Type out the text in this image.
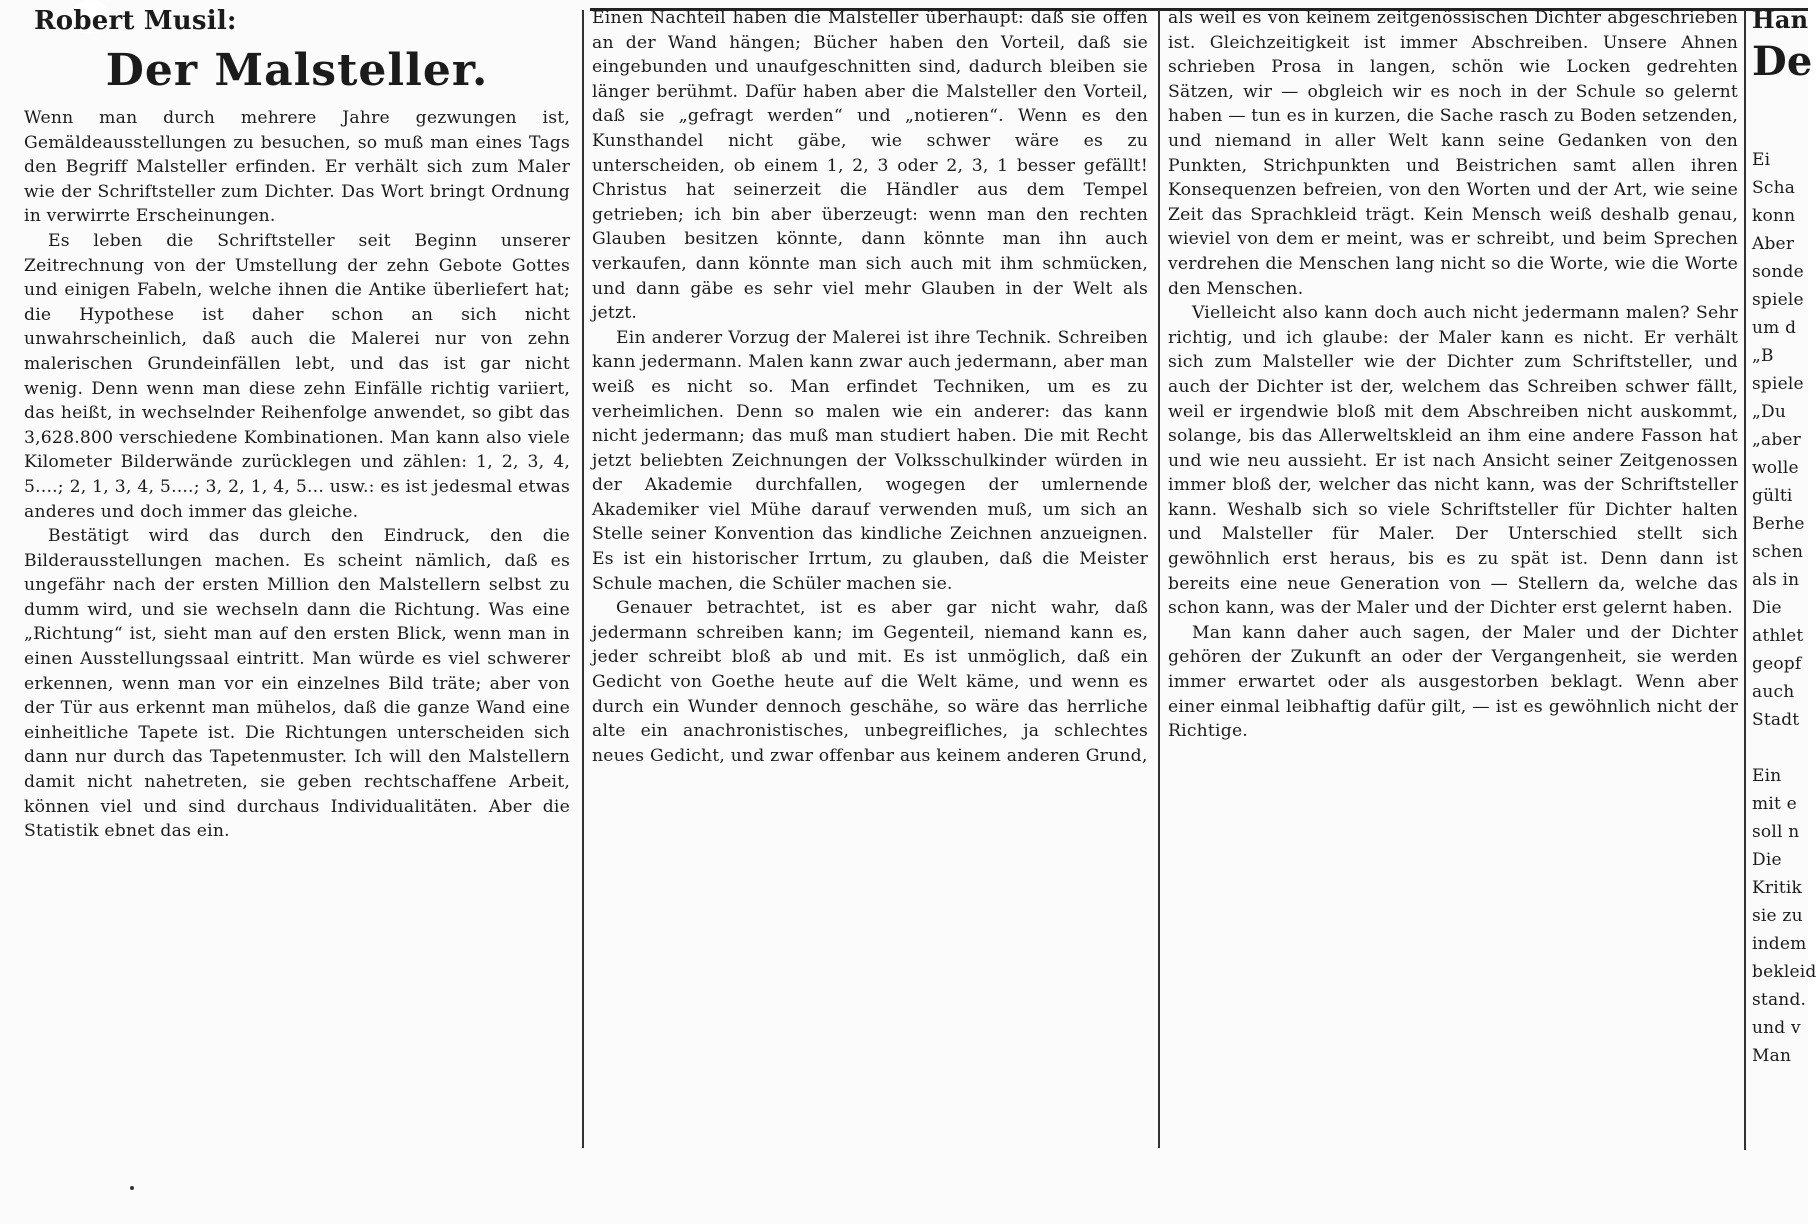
Robert Musil:
Der Malsteller.

Wenn man durch mehrere Jahre gezwungen ist, Gemäldeausstellungen zu besuchen, so muß man eines Tags den Begriff Malsteller erfinden. Er verhält sich zum Maler wie der Schriftsteller zum Dichter. Das Wort bringt Ordnung in verwirrte Erscheinungen.

Es leben die Schriftsteller seit Beginn unserer Zeitrechnung von der Umstellung der zehn Gebote Gottes und einigen Fabeln, welche ihnen die Antike überliefert hat; die Hypothese ist daher schon an sich nicht unwahrscheinlich, daß auch die Malerei nur von zehn malerischen Grundeinfällen lebt, und das ist gar nicht wenig. Denn wenn man diese zehn Einfälle richtig variiert, das heißt, in wechselnder Reihenfolge anwendet, so gibt das 3,628.800 verschiedene Kombinationen. Man kann also viele Kilometer Bilderwände zurücklegen und zählen: 1, 2, 3, 4, 5....; 2, 1, 3, 4, 5....; 3, 2, 1, 4, 5... usw.: es ist jedesmal etwas anderes und doch immer das gleiche.

Bestätigt wird das durch den Eindruck, den die Bilderausstellungen machen. Es scheint nämlich, daß es ungefähr nach der ersten Million den Malstellern selbst zu dumm wird, und sie wechseln dann die Richtung. Was eine „Richtung“ ist, sieht man auf den ersten Blick, wenn man in einen Ausstellungssaal eintritt. Man würde es viel schwerer erkennen, wenn man vor ein einzelnes Bild träte; aber von der Tür aus erkennt man mühelos, daß die ganze Wand eine einheitliche Tapete ist. Die Richtungen unterscheiden sich dann nur durch das Tapetenmuster. Ich will den Malstellern damit nicht nahetreten, sie geben rechtschaffene Arbeit, können viel und sind durchaus Individualitäten. Aber die Statistik ebnet das ein.

Einen Nachteil haben die Malsteller überhaupt: daß sie offen an der Wand hängen; Bücher haben den Vorteil, daß sie eingebunden und unaufgeschnitten sind, dadurch bleiben sie länger berühmt. Dafür haben aber die Malsteller den Vorteil, daß sie „gefragt werden“ und „notieren“. Wenn es den Kunsthandel nicht gäbe, wie schwer wäre es zu unterscheiden, ob einem 1, 2, 3 oder 2, 3, 1 besser gefällt! Christus hat seinerzeit die Händler aus dem Tempel getrieben; ich bin aber überzeugt: wenn man den rechten Glauben besitzen könnte, dann könnte man ihn auch verkaufen, dann könnte man sich auch mit ihm schmücken, und dann gäbe es sehr viel mehr Glauben in der Welt als jetzt.

Ein anderer Vorzug der Malerei ist ihre Technik. Schreiben kann jedermann. Malen kann zwar auch jedermann, aber man weiß es nicht so. Man erfindet Techniken, um es zu verheimlichen. Denn so malen wie ein anderer: das kann nicht jedermann; das muß man studiert haben. Die mit Recht jetzt beliebten Zeichnungen der Volksschulkinder würden in der Akademie durchfallen, wogegen der umlernende Akademiker viel Mühe darauf verwenden muß, um sich an Stelle seiner Konvention das kindliche Zeichnen anzueignen. Es ist ein historischer Irrtum, zu glauben, daß die Meister Schule machen, die Schüler machen sie.

Genauer betrachtet, ist es aber gar nicht wahr, daß jedermann schreiben kann; im Gegenteil, niemand kann es, jeder schreibt bloß ab und mit. Es ist unmöglich, daß ein Gedicht von Goethe heute auf die Welt käme, und wenn es durch ein Wunder dennoch geschähe, so wäre das herrliche alte ein anachronistisches, unbegreifliches, ja schlechtes neues Gedicht, und zwar offenbar aus keinem anderen Grund,

als weil es von keinem zeitgenössischen Dichter abgeschrieben ist. Gleichzeitigkeit ist immer Abschreiben. Unsere Ahnen schrieben Prosa in langen, schön wie Locken gedrehten Sätzen, wir — obgleich wir es noch in der Schule so gelernt haben — tun es in kurzen, die Sache rasch zu Boden setzenden, und niemand in aller Welt kann seine Gedanken von den Punkten, Strichpunkten und Beistrichen samt allen ihren Konsequenzen befreien, von den Worten und der Art, wie seine Zeit das Sprachkleid trägt. Kein Mensch weiß deshalb genau, wieviel von dem er meint, was er schreibt, und beim Sprechen verdrehen die Menschen lang nicht so die Worte, wie die Worte den Menschen.

Vielleicht also kann doch auch nicht jedermann malen? Sehr richtig, und ich glaube: der Maler kann es nicht. Er verhält sich zum Malsteller wie der Dichter zum Schriftsteller, und auch der Dichter ist der, welchem das Schreiben schwer fällt, weil er irgendwie bloß mit dem Abschreiben nicht auskommt, solange, bis das Allerweltskleid an ihm eine andere Fasson hat und wie neu aussieht. Er ist nach Ansicht seiner Zeitgenossen immer bloß der, welcher das nicht kann, was der Schriftsteller kann. Weshalb sich so viele Schriftsteller für Dichter halten und Malsteller für Maler. Der Unterschied stellt sich gewöhnlich erst heraus, bis es zu spät ist. Denn dann ist bereits eine neue Generation von — Stellern da, welche das schon kann, was der Maler und der Dichter erst gelernt haben.

Man kann daher auch sagen, der Maler und der Dichter gehören der Zukunft an oder der Vergangenheit, sie werden immer erwartet oder als ausgestorben beklagt. Wenn aber einer einmal leibhaftig dafür gilt, — ist es gewöhnlich nicht der Richtige.

Han
De

Ei
Scha
konn
Aber
sonde
spiele
um d
„B
spiele
„Du
„aber
wolle
gülti
Berhe
schen
als in
Die
athlet
geopf
auch
Stadt

Ein
mit e
soll n
Die
Kritik
sie zu
indem
bekleid
stand.
und v
Man
